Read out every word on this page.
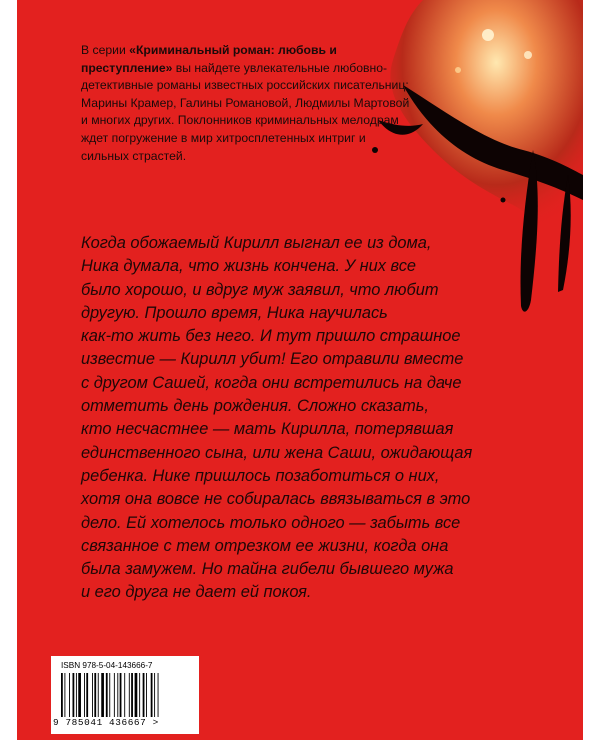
В серии «Криминальный роман: любовь и преступление» вы найдете увлекательные любовно-детективные романы известных российских писательниц: Марины Крамер, Галины Романовой, Людмилы Мартовой и многих других. Поклонников криминальных мелодрам ждет погружение в мир хитросплетенных интриг и сильных страстей.

Когда обожаемый Кирилл выгнал ее из дома,
Ника думала, что жизнь кончена. У них все
было хорошо, и вдруг муж заявил, что любит
другую. Прошло время, Ника научилась
как-то жить без него. И тут пришло страшное
известие — Кирилл убит! Его отравили вместе
с другом Сашей, когда они встретились на даче
отметить день рождения. Сложно сказать,
кто несчастнее — мать Кирилла, потерявшая
единственного сына, или жена Саши, ожидающая
ребенка. Нике пришлось позаботиться о них,
хотя она вовсе не собиралась ввязываться в это
дело. Ей хотелось только одного — забыть все
связанное с тем отрезком ее жизни, когда она
была замужем. Но тайна гибели бывшего мужа
и его друга не дает ей покоя.

ISBN 978-5-04-143666-7
9 785041 436667 >
